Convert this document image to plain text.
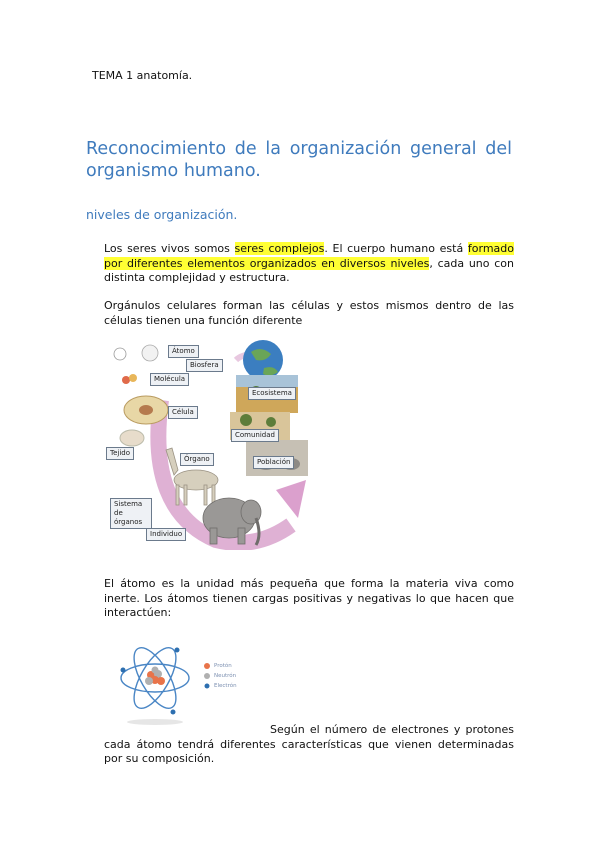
TEMA 1 anatomía.
Reconocimiento de la organización general del organismo humano.
niveles de organización.
Los seres vivos somos seres complejos. El cuerpo humano está formado por diferentes elementos organizados en diversos niveles, cada uno con distinta complejidad y estructura.
Orgánulos celulares forman las células y estos mismos dentro de las células tienen una función diferente
Átomo
Biosfera
Molécula
Ecosistema
Célula
Comunidad
Tejido
Órgano	Población
Sistema de órganos
Individuo
El átomo es la unidad más pequeña que forma la materia viva como inerte. Los átomos tienen cargas positivas y negativas lo que hacen que interactúen:
Protón
Neutrón
Electrón
Según el número de electrones y protones cada átomo tendrá diferentes características que vienen determinadas por su composición.
